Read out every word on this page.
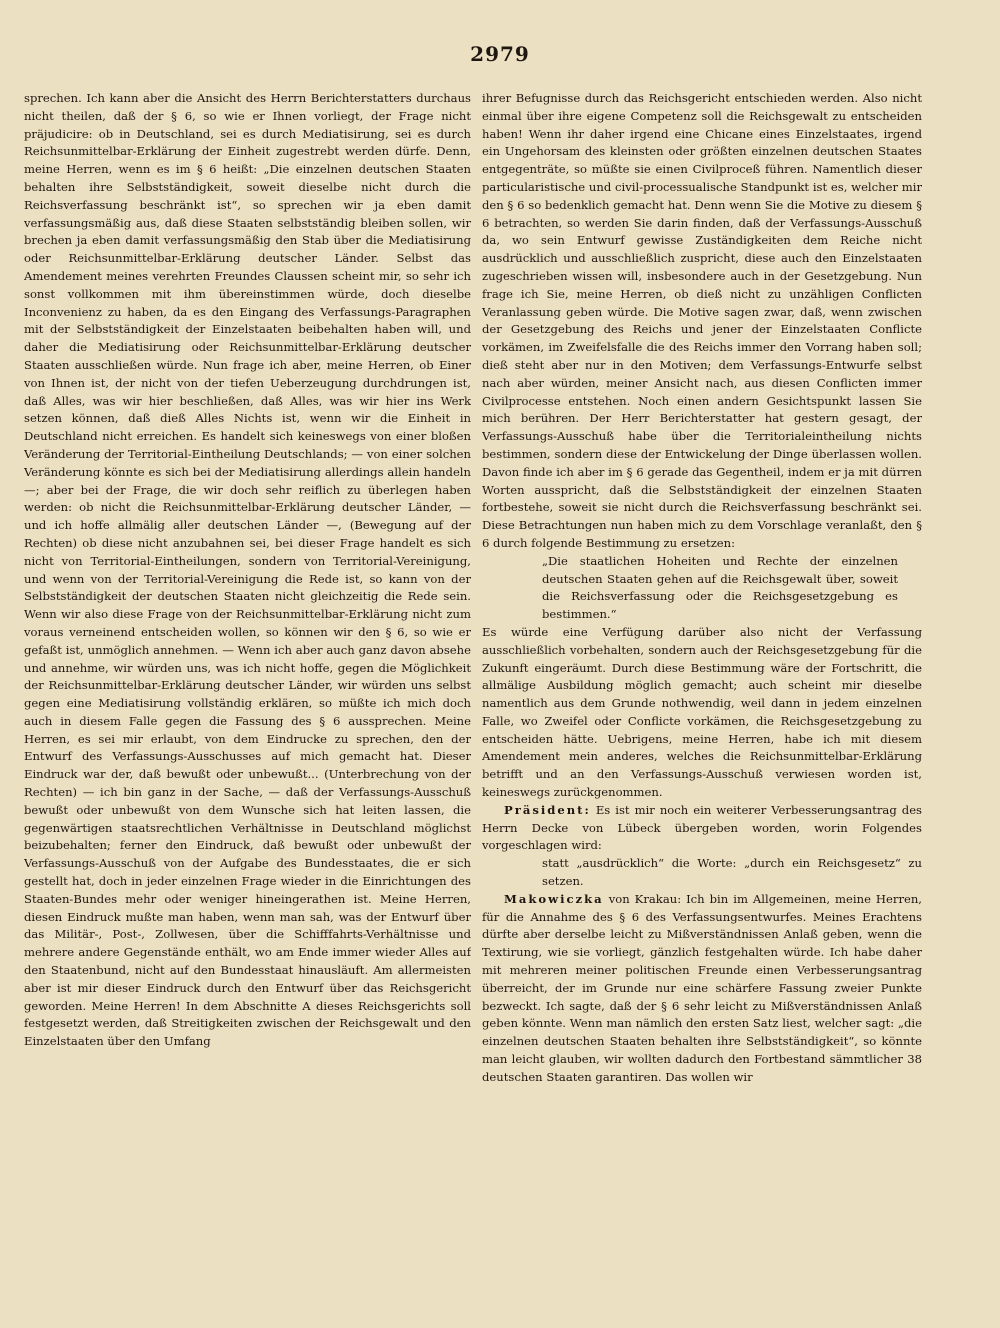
2979

sprechen. Ich kann aber die Ansicht des Herrn Berichterstatters durchaus nicht theilen, daß der § 6, so wie er Ihnen vorliegt, der Frage nicht präjudicire: ob in Deutschland, sei es durch Mediatisirung, sei es durch Reichsunmittelbar-Erklärung der Einheit zugestrebt werden dürfe. Denn, meine Herren, wenn es im § 6 heißt: „Die einzelnen deutschen Staaten behalten ihre Selbstständigkeit, soweit dieselbe nicht durch die Reichsverfassung beschränkt ist“, so sprechen wir ja eben damit verfassungsmäßig aus, daß diese Staaten selbstständig bleiben sollen, wir brechen ja eben damit verfassungsmäßig den Stab über die Mediatisirung oder Reichsunmittelbar-Erklärung deutscher Länder. Selbst das Amendement meines verehrten Freundes Claussen scheint mir, so sehr ich sonst vollkommen mit ihm übereinstimmen würde, doch dieselbe Inconvenienz zu haben, da es den Eingang des Verfassungs-Paragraphen mit der Selbstständigkeit der Einzelstaaten beibehalten haben will, und daher die Mediatisirung oder Reichsunmittelbar-Erklärung deutscher Staaten ausschließen würde. Nun frage ich aber, meine Herren, ob Einer von Ihnen ist, der nicht von der tiefen Ueberzeugung durchdrungen ist, daß Alles, was wir hier beschließen, daß Alles, was wir hier ins Werk setzen können, daß dieß Alles Nichts ist, wenn wir die Einheit in Deutschland nicht erreichen. Es handelt sich keineswegs von einer bloßen Veränderung der Territorial-Eintheilung Deutschlands; — von einer solchen Veränderung könnte es sich bei der Mediatisirung allerdings allein handeln —; aber bei der Frage, die wir doch sehr reiflich zu überlegen haben werden: ob nicht die Reichsunmittelbar-Erklärung deutscher Länder, — und ich hoffe allmälig aller deutschen Länder —, (Bewegung auf der Rechten) ob diese nicht anzubahnen sei, bei dieser Frage handelt es sich nicht von Territorial-Eintheilungen, sondern von Territorial-Vereinigung, und wenn von der Territorial-Vereinigung die Rede ist, so kann von der Selbstständigkeit der deutschen Staaten nicht gleichzeitig die Rede sein. Wenn wir also diese Frage von der Reichsunmittelbar-Erklärung nicht zum voraus verneinend entscheiden wollen, so können wir den § 6, so wie er gefaßt ist, unmöglich annehmen. — Wenn ich aber auch ganz davon absehe und annehme, wir würden uns, was ich nicht hoffe, gegen die Möglichkeit der Reichsunmittelbar-Erklärung deutscher Länder, wir würden uns selbst gegen eine Mediatisirung vollständig erklären, so müßte ich mich doch auch in diesem Falle gegen die Fassung des § 6 aussprechen. Meine Herren, es sei mir erlaubt, von dem Eindrucke zu sprechen, den der Entwurf des Verfassungs-Ausschusses auf mich gemacht hat. Dieser Eindruck war der, daß bewußt oder unbewußt... (Unterbrechung von der Rechten) — ich bin ganz in der Sache, — daß der Verfassungs-Ausschuß bewußt oder unbewußt von dem Wunsche sich hat leiten lassen, die gegenwärtigen staatsrechtlichen Verhältnisse in Deutschland möglichst beizubehalten; ferner den Eindruck, daß bewußt oder unbewußt der Verfassungs-Ausschuß von der Aufgabe des Bundesstaates, die er sich gestellt hat, doch in jeder einzelnen Frage wieder in die Einrichtungen des Staaten-Bundes mehr oder weniger hineingerathen ist. Meine Herren, diesen Eindruck mußte man haben, wenn man sah, was der Entwurf über das Militär-, Post-, Zollwesen, über die Schifffahrts-Verhältnisse und mehrere andere Gegenstände enthält, wo am Ende immer wieder Alles auf den Staatenbund, nicht auf den Bundesstaat hinausläuft. Am allermeisten aber ist mir dieser Eindruck durch den Entwurf über das Reichsgericht geworden. Meine Herren! In dem Abschnitte A dieses Reichsgerichts soll festgesetzt werden, daß Streitigkeiten zwischen der Reichsgewalt und den Einzelstaaten über den Umfang

ihrer Befugnisse durch das Reichsgericht entschieden werden. Also nicht einmal über ihre eigene Competenz soll die Reichsgewalt zu entscheiden haben! Wenn ihr daher irgend eine Chicane eines Einzelstaates, irgend ein Ungehorsam des kleinsten oder größten einzelnen deutschen Staates entgegenträte, so müßte sie einen Civilproceß führen. Namentlich dieser particularistische und civil-processualische Standpunkt ist es, welcher mir den § 6 so bedenklich gemacht hat. Denn wenn Sie die Motive zu diesem § 6 betrachten, so werden Sie darin finden, daß der Verfassungs-Ausschuß da, wo sein Entwurf gewisse Zuständigkeiten dem Reiche nicht ausdrücklich und ausschließlich zuspricht, diese auch den Einzelstaaten zugeschrieben wissen will, insbesondere auch in der Gesetzgebung. Nun frage ich Sie, meine Herren, ob dieß nicht zu unzähligen Conflicten Veranlassung geben würde. Die Motive sagen zwar, daß, wenn zwischen der Gesetzgebung des Reichs und jener der Einzelstaaten Conflicte vorkämen, im Zweifelsfalle die des Reichs immer den Vorrang haben soll; dieß steht aber nur in den Motiven; dem Verfassungs-Entwurfe selbst nach aber würden, meiner Ansicht nach, aus diesen Conflicten immer Civilprocesse entstehen. Noch einen andern Gesichtspunkt lassen Sie mich berühren. Der Herr Berichterstatter hat gestern gesagt, der Verfassungs-Ausschuß habe über die Territorialeintheilung nichts bestimmen, sondern diese der Entwickelung der Dinge überlassen wollen. Davon finde ich aber im § 6 gerade das Gegentheil, indem er ja mit dürren Worten ausspricht, daß die Selbstständigkeit der einzelnen Staaten fortbestehe, soweit sie nicht durch die Reichsverfassung beschränkt sei. Diese Betrachtungen nun haben mich zu dem Vorschlage veranlaßt, den § 6 durch folgende Bestimmung zu ersetzen:

„Die staatlichen Hoheiten und Rechte der einzelnen deutschen Staaten gehen auf die Reichsgewalt über, soweit die Reichsverfassung oder die Reichsgesetzgebung es bestimmen.“

Es würde eine Verfügung darüber also nicht der Verfassung ausschließlich vorbehalten, sondern auch der Reichsgesetzgebung für die Zukunft eingeräumt. Durch diese Bestimmung wäre der Fortschritt, die allmälige Ausbildung möglich gemacht; auch scheint mir dieselbe namentlich aus dem Grunde nothwendig, weil dann in jedem einzelnen Falle, wo Zweifel oder Conflicte vorkämen, die Reichsgesetzgebung zu entscheiden hätte. Uebrigens, meine Herren, habe ich mit diesem Amendement mein anderes, welches die Reichsunmittelbar-Erklärung betrifft und an den Verfassungs-Ausschuß verwiesen worden ist, keineswegs zurückgenommen.

Präsident: Es ist mir noch ein weiterer Verbesserungsantrag des Herrn Decke von Lübeck übergeben worden, worin Folgendes vorgeschlagen wird:

statt „ausdrücklich“ die Worte: „durch ein Reichsgesetz“ zu setzen.

Makowiczka von Krakau: Ich bin im Allgemeinen, meine Herren, für die Annahme des § 6 des Verfassungsentwurfes. Meines Erachtens dürfte aber derselbe leicht zu Mißverständnissen Anlaß geben, wenn die Textirung, wie sie vorliegt, gänzlich festgehalten würde. Ich habe daher mit mehreren meiner politischen Freunde einen Verbesserungsantrag überreicht, der im Grunde nur eine schärfere Fassung zweier Punkte bezweckt. Ich sagte, daß der § 6 sehr leicht zu Mißverständnissen Anlaß geben könnte. Wenn man nämlich den ersten Satz liest, welcher sagt: „die einzelnen deutschen Staaten behalten ihre Selbstständigkeit“, so könnte man leicht glauben, wir wollten dadurch den Fortbestand sämmtlicher 38 deutschen Staaten garantiren. Das wollen wir
